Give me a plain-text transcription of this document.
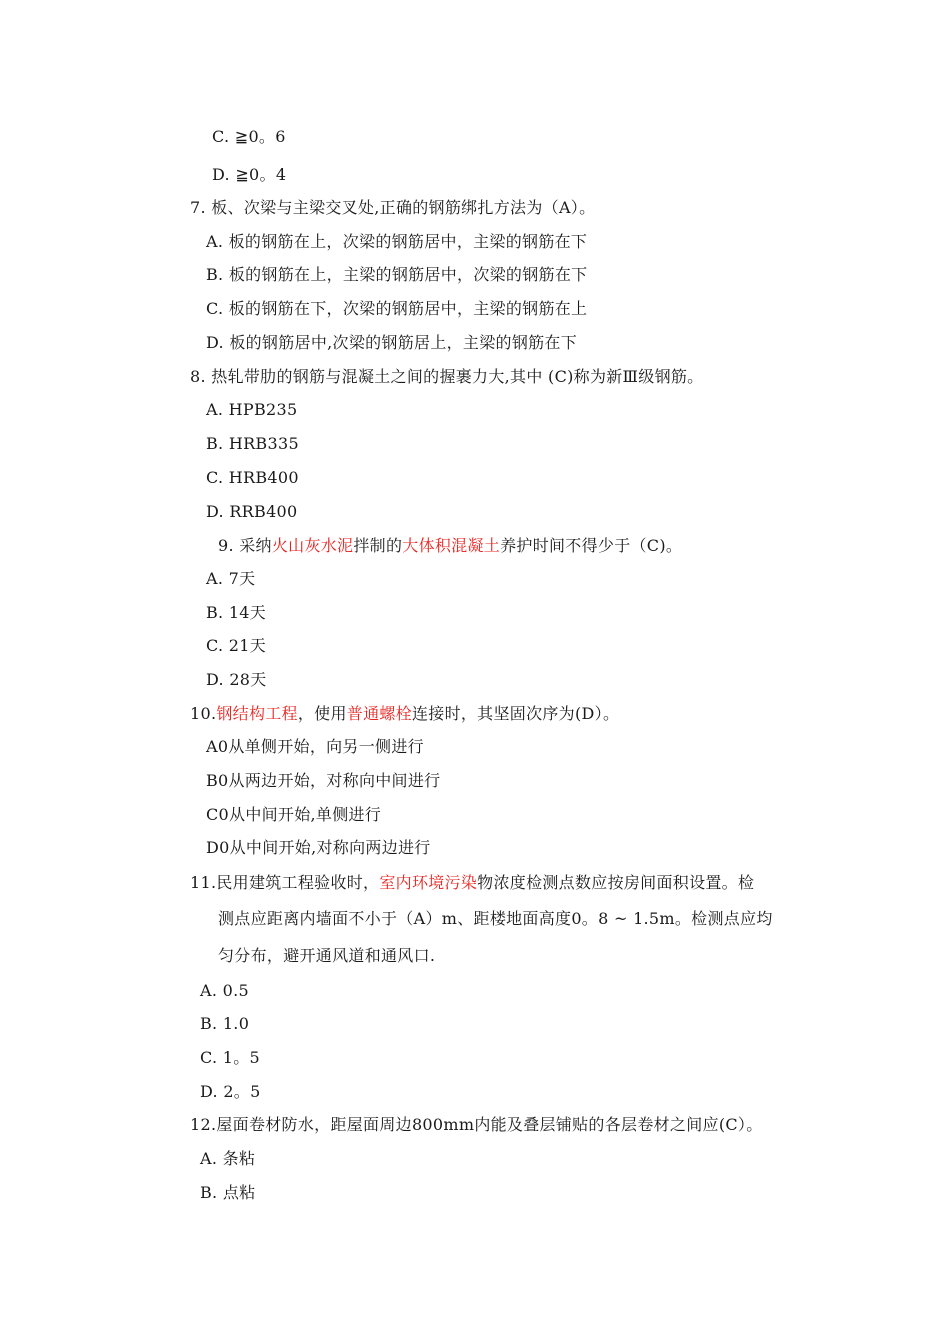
C. ≧0。6
D. ≧0。4
7. 板、次梁与主梁交叉处,正确的钢筋绑扎方法为（A）。
A. 板的钢筋在上，次梁的钢筋居中，主梁的钢筋在下
B. 板的钢筋在上，主梁的钢筋居中，次梁的钢筋在下
C. 板的钢筋在下，次梁的钢筋居中，主梁的钢筋在上
D. 板的钢筋居中,次梁的钢筋居上，主梁的钢筋在下
8. 热轧带肋的钢筋与混凝土之间的握裹力大,其中 (C)称为新Ⅲ级钢筋。
A. HPB235
B. HRB335
C. HRB400
D. RRB400
9. 采纳火山灰水泥拌制的大体积混凝土养护时间不得少于（C)。
A. 7天
B. 14天
C. 21天
D. 28天
10.钢结构工程，使用普通螺栓连接时，其坚固次序为(D）。
A0从单侧开始，向另一侧进行
B0从两边开始，对称向中间进行
C0从中间开始,单侧进行
D0从中间开始,对称向两边进行
11.民用建筑工程验收时，室内环境污染物浓度检测点数应按房间面积设置。检
测点应距离内墙面不小于（A）m、距楼地面高度0。8 ~ 1.5m。检测点应均
匀分布，避开通风道和通风口.
A. 0.5
B. 1.0
C. 1。5
D. 2。5
12.屋面卷材防水，距屋面周边800mm内能及叠层铺贴的各层卷材之间应(C）。
A. 条粘
B. 点粘
